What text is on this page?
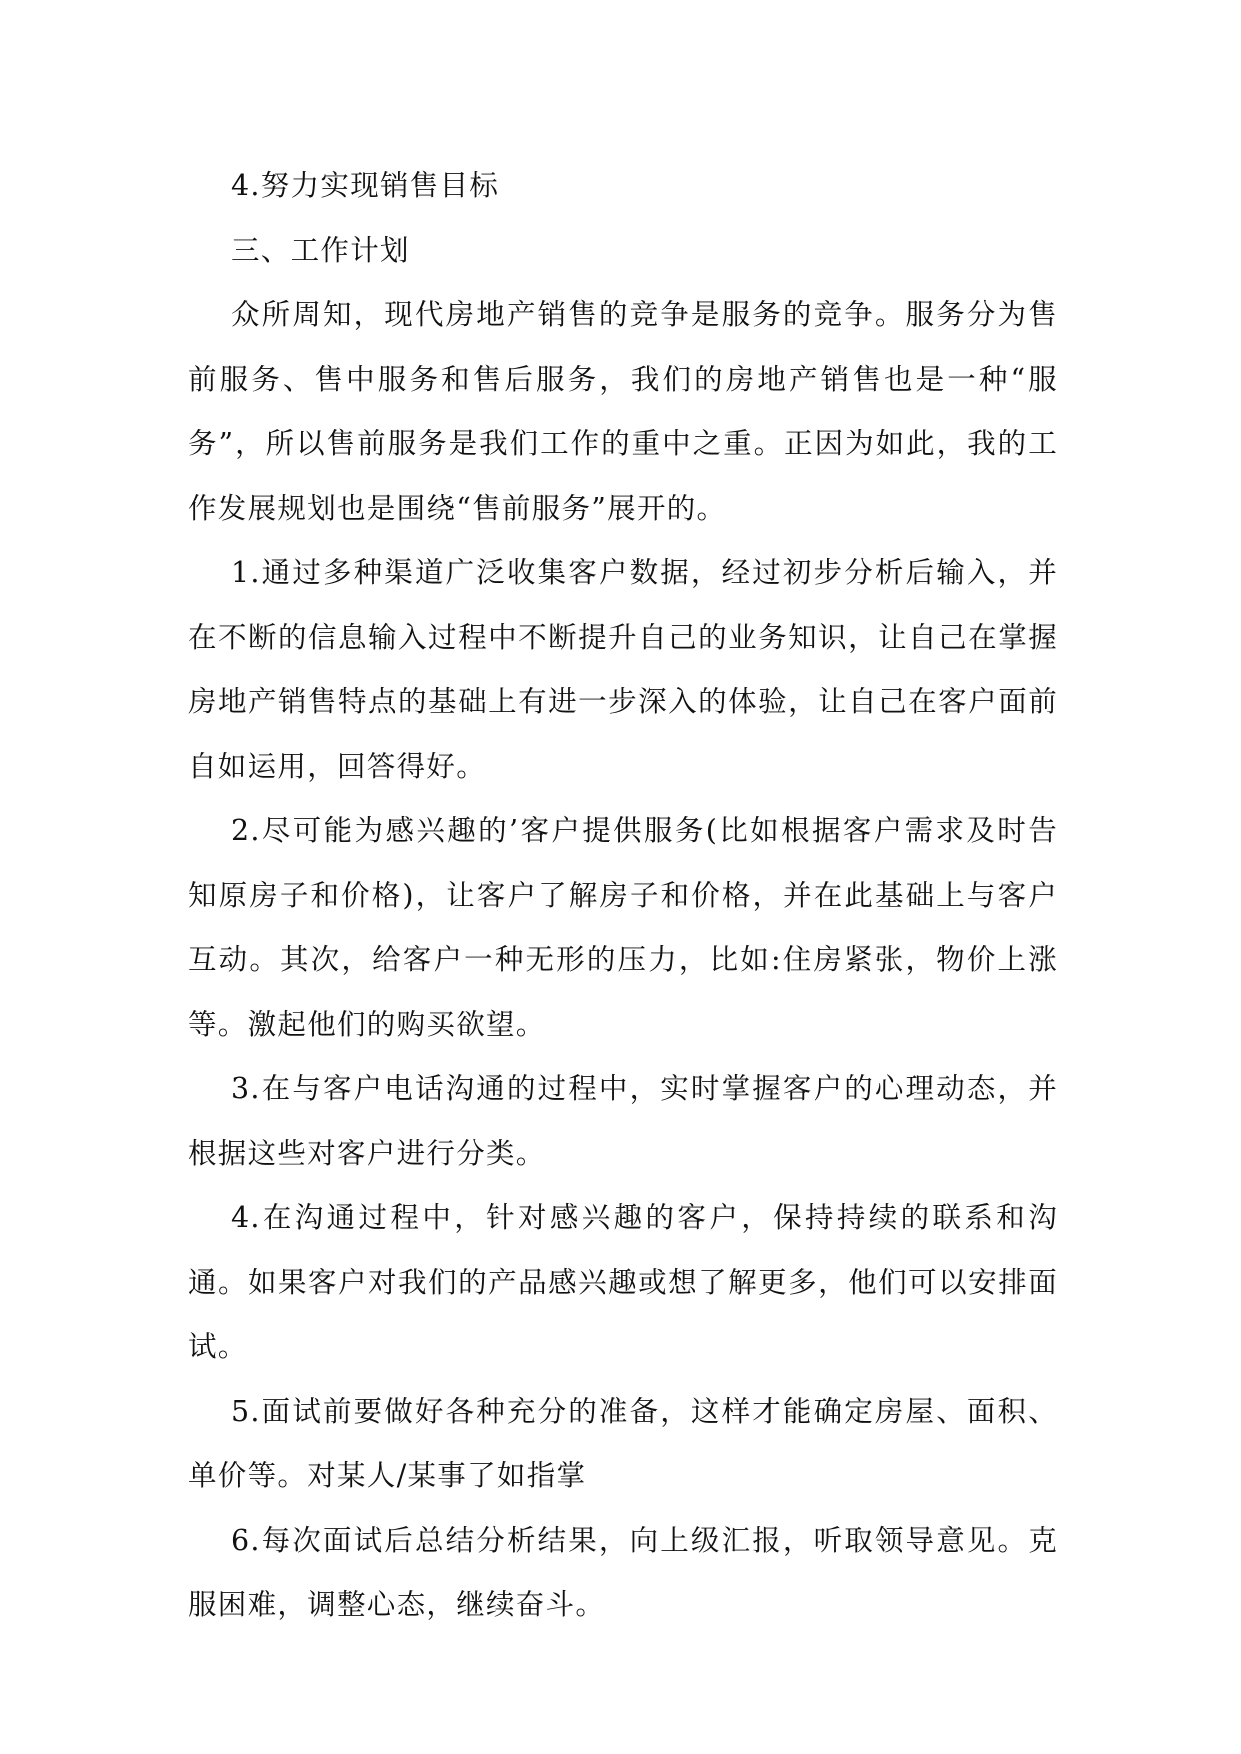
4.努力实现销售目标

三、工作计划

众所周知，现代房地产销售的竞争是服务的竞争。服务分为售前服务、售中服务和售后服务，我们的房地产销售也是一种“服务”，所以售前服务是我们工作的重中之重。正因为如此，我的工作发展规划也是围绕“售前服务”展开的。

1.通过多种渠道广泛收集客户数据，经过初步分析后输入，并在不断的信息输入过程中不断提升自己的业务知识，让自己在掌握房地产销售特点的基础上有进一步深入的体验，让自己在客户面前自如运用，回答得好。

2.尽可能为感兴趣的’客户提供服务(比如根据客户需求及时告知原房子和价格)，让客户了解房子和价格，并在此基础上与客户互动。其次，给客户一种无形的压力，比如:住房紧张，物价上涨等。激起他们的购买欲望。

3.在与客户电话沟通的过程中，实时掌握客户的心理动态，并根据这些对客户进行分类。

4.在沟通过程中，针对感兴趣的客户，保持持续的联系和沟通。如果客户对我们的产品感兴趣或想了解更多，他们可以安排面试。

5.面试前要做好各种充分的准备，这样才能确定房屋、面积、单价等。对某人/某事了如指掌

6.每次面试后总结分析结果，向上级汇报，听取领导意见。克服困难，调整心态，继续奋斗。
